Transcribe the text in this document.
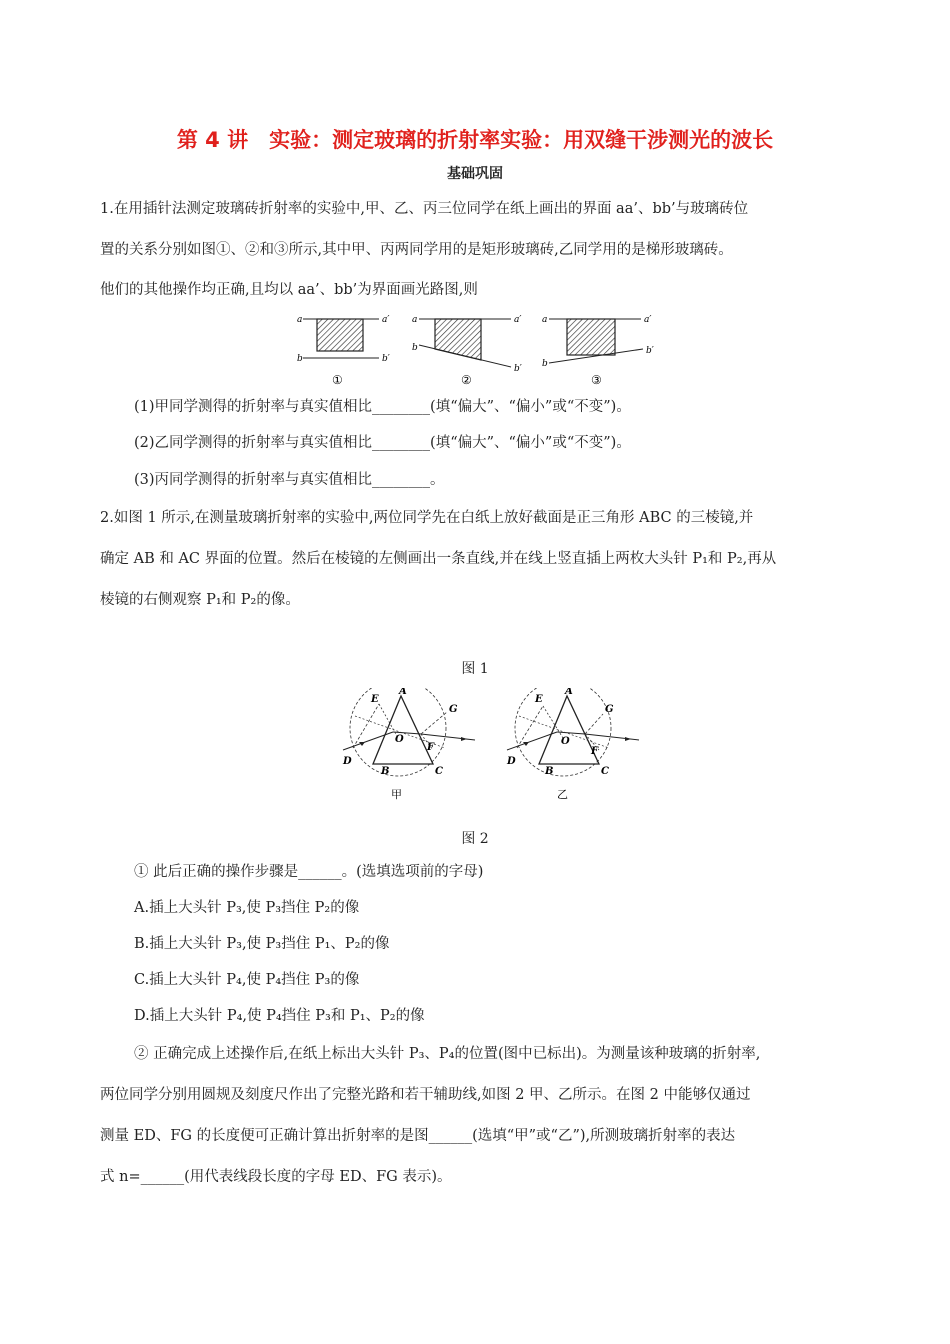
第 4 讲　实验：测定玻璃的折射率实验：用双缝干涉测光的波长
基础巩固
1.在用插针法测定玻璃砖折射率的实验中,甲、乙、丙三位同学在纸上画出的界面 aa’、bb’与玻璃砖位
置的关系分别如图①、②和③所示,其中甲、丙两同学用的是矩形玻璃砖,乙同学用的是梯形玻璃砖。
他们的其他操作均正确,且均以 aa’、bb’为界面画光路图,则
a	a′
b	b′
①
a	a′
b
b′
②
a	a′
b
b′
③
(1)甲同学测得的折射率与真实值相比________(填“偏大”、“偏小”或“不变”)。
(2)乙同学测得的折射率与真实值相比________(填“偏大”、“偏小”或“不变”)。
(3)丙同学测得的折射率与真实值相比________。
2.如图 1 所示,在测量玻璃折射率的实验中,两位同学先在白纸上放好截面是正三角形 ABC 的三棱镜,并
确定 AB 和 AC 界面的位置。然后在棱镜的左侧画出一条直线,并在线上竖直插上两枚大头针 P₁和 P₂,再从
棱镜的右侧观察 P₁和 P₂的像。
图 1
A
B	C
D
E
F
G
O
A
B	C
D
E
F
G
O
甲	乙
图 2
① 此后正确的操作步骤是______。(选填选项前的字母)
A.插上大头针 P₃,使 P₃挡住 P₂的像
B.插上大头针 P₃,使 P₃挡住 P₁、P₂的像
C.插上大头针 P₄,使 P₄挡住 P₃的像
D.插上大头针 P₄,使 P₄挡住 P₃和 P₁、P₂的像
② 正确完成上述操作后,在纸上标出大头针 P₃、P₄的位置(图中已标出)。为测量该种玻璃的折射率,
两位同学分别用圆规及刻度尺作出了完整光路和若干辅助线,如图 2 甲、乙所示。在图 2 中能够仅通过
测量 ED、FG 的长度便可正确计算出折射率的是图______(选填“甲”或“乙”),所测玻璃折射率的表达
式 n=______(用代表线段长度的字母 ED、FG 表示)。
